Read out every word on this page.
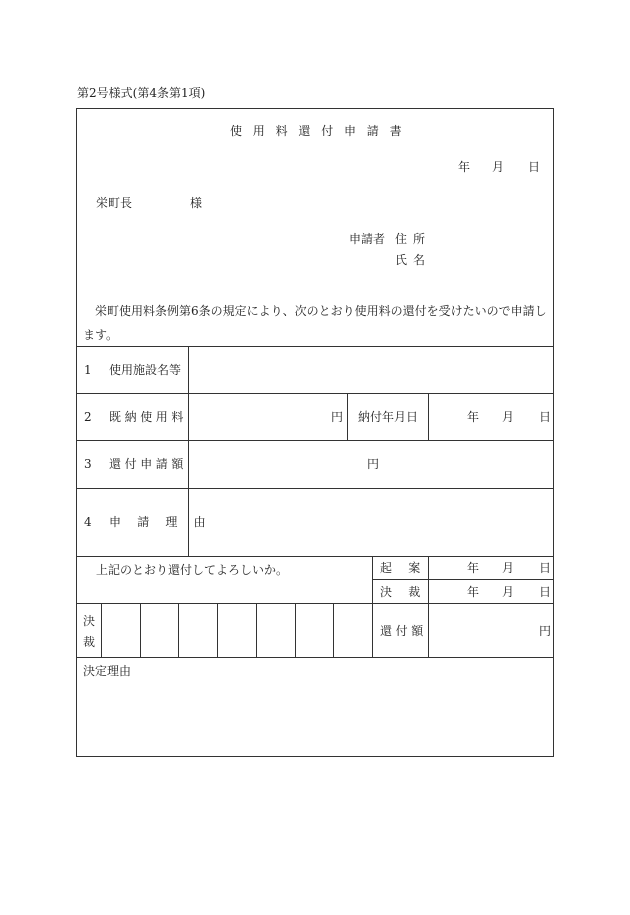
第2号様式(第4条第1項)
使用料還付申請書
年 月 日
栄町長	様
申請者 住所
氏名
栄町使用料条例第6条の規定により、次のとおり使用料の還付を受けたいので申請します。
1 使用施設名等
2 既納使用料	円 納付年月日	年 月 日
3 還付申請額	円
4 申請理由
上記のとおり還付してよろしいか。	起案	年 月 日
決裁	年 月 日
決
裁
還付額	円
決定理由
